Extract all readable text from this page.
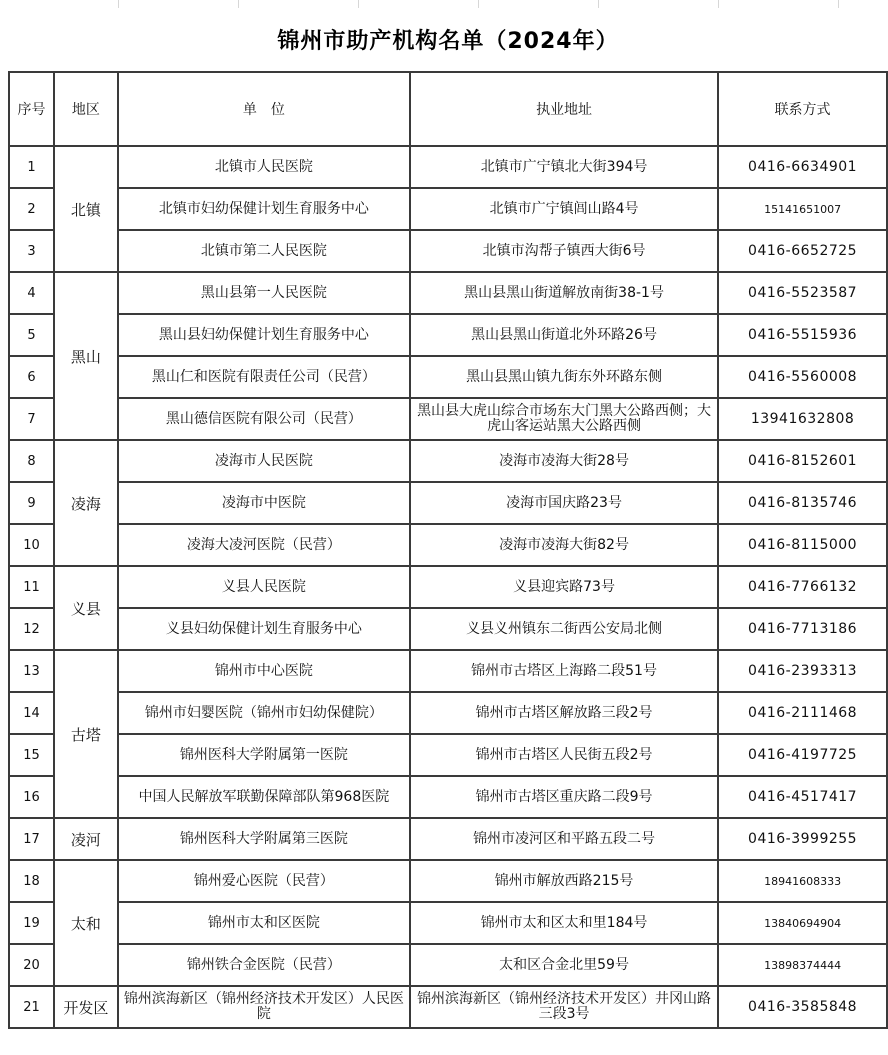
锦州市助产机构名单（2024年）
序号	地区	单　位	执业地址	联系方式
1	北镇	北镇市人民医院	北镇市广宁镇北大街394号	0416-6634901
2		北镇市妇幼保健计划生育服务中心	北镇市广宁镇闾山路4号	15141651007
3		北镇市第二人民医院	北镇市沟帮子镇西大街6号	0416-6652725
4	黑山	黑山县第一人民医院	黑山县黑山街道解放南街38-1号	0416-5523587
5		黑山县妇幼保健计划生育服务中心	黑山县黑山街道北外环路26号	0416-5515936
6		黑山仁和医院有限责任公司（民营）	黑山县黑山镇九街东外环路东侧	0416-5560008
7		黑山德信医院有限公司（民营）	黑山县大虎山综合市场东大门黑大公路西侧；大虎山客运站黑大公路西侧	13941632808
8	凌海	凌海市人民医院	凌海市凌海大街28号	0416-8152601
9		凌海市中医院	凌海市国庆路23号	0416-8135746
10		凌海大凌河医院（民营）	凌海市凌海大街82号	0416-8115000
11	义县	义县人民医院	义县迎宾路73号	0416-7766132
12		义县妇幼保健计划生育服务中心	义县义州镇东二街西公安局北侧	0416-7713186
13	古塔	锦州市中心医院	锦州市古塔区上海路二段51号	0416-2393313
14		锦州市妇婴医院（锦州市妇幼保健院）	锦州市古塔区解放路三段2号	0416-2111468
15		锦州医科大学附属第一医院	锦州市古塔区人民街五段2号	0416-4197725
16		中国人民解放军联勤保障部队第968医院	锦州市古塔区重庆路二段9号	0416-4517417
17	凌河	锦州医科大学附属第三医院	锦州市凌河区和平路五段二号	0416-3999255
18	太和	锦州爱心医院（民营）	锦州市解放西路215号	18941608333
19		锦州市太和区医院	锦州市太和区太和里184号	13840694904
20		锦州铁合金医院（民营）	太和区合金北里59号	13898374444
21	开发区	锦州滨海新区（锦州经济技术开发区）人民医院	锦州滨海新区（锦州经济技术开发区）井冈山路三段3号	0416-3585848
